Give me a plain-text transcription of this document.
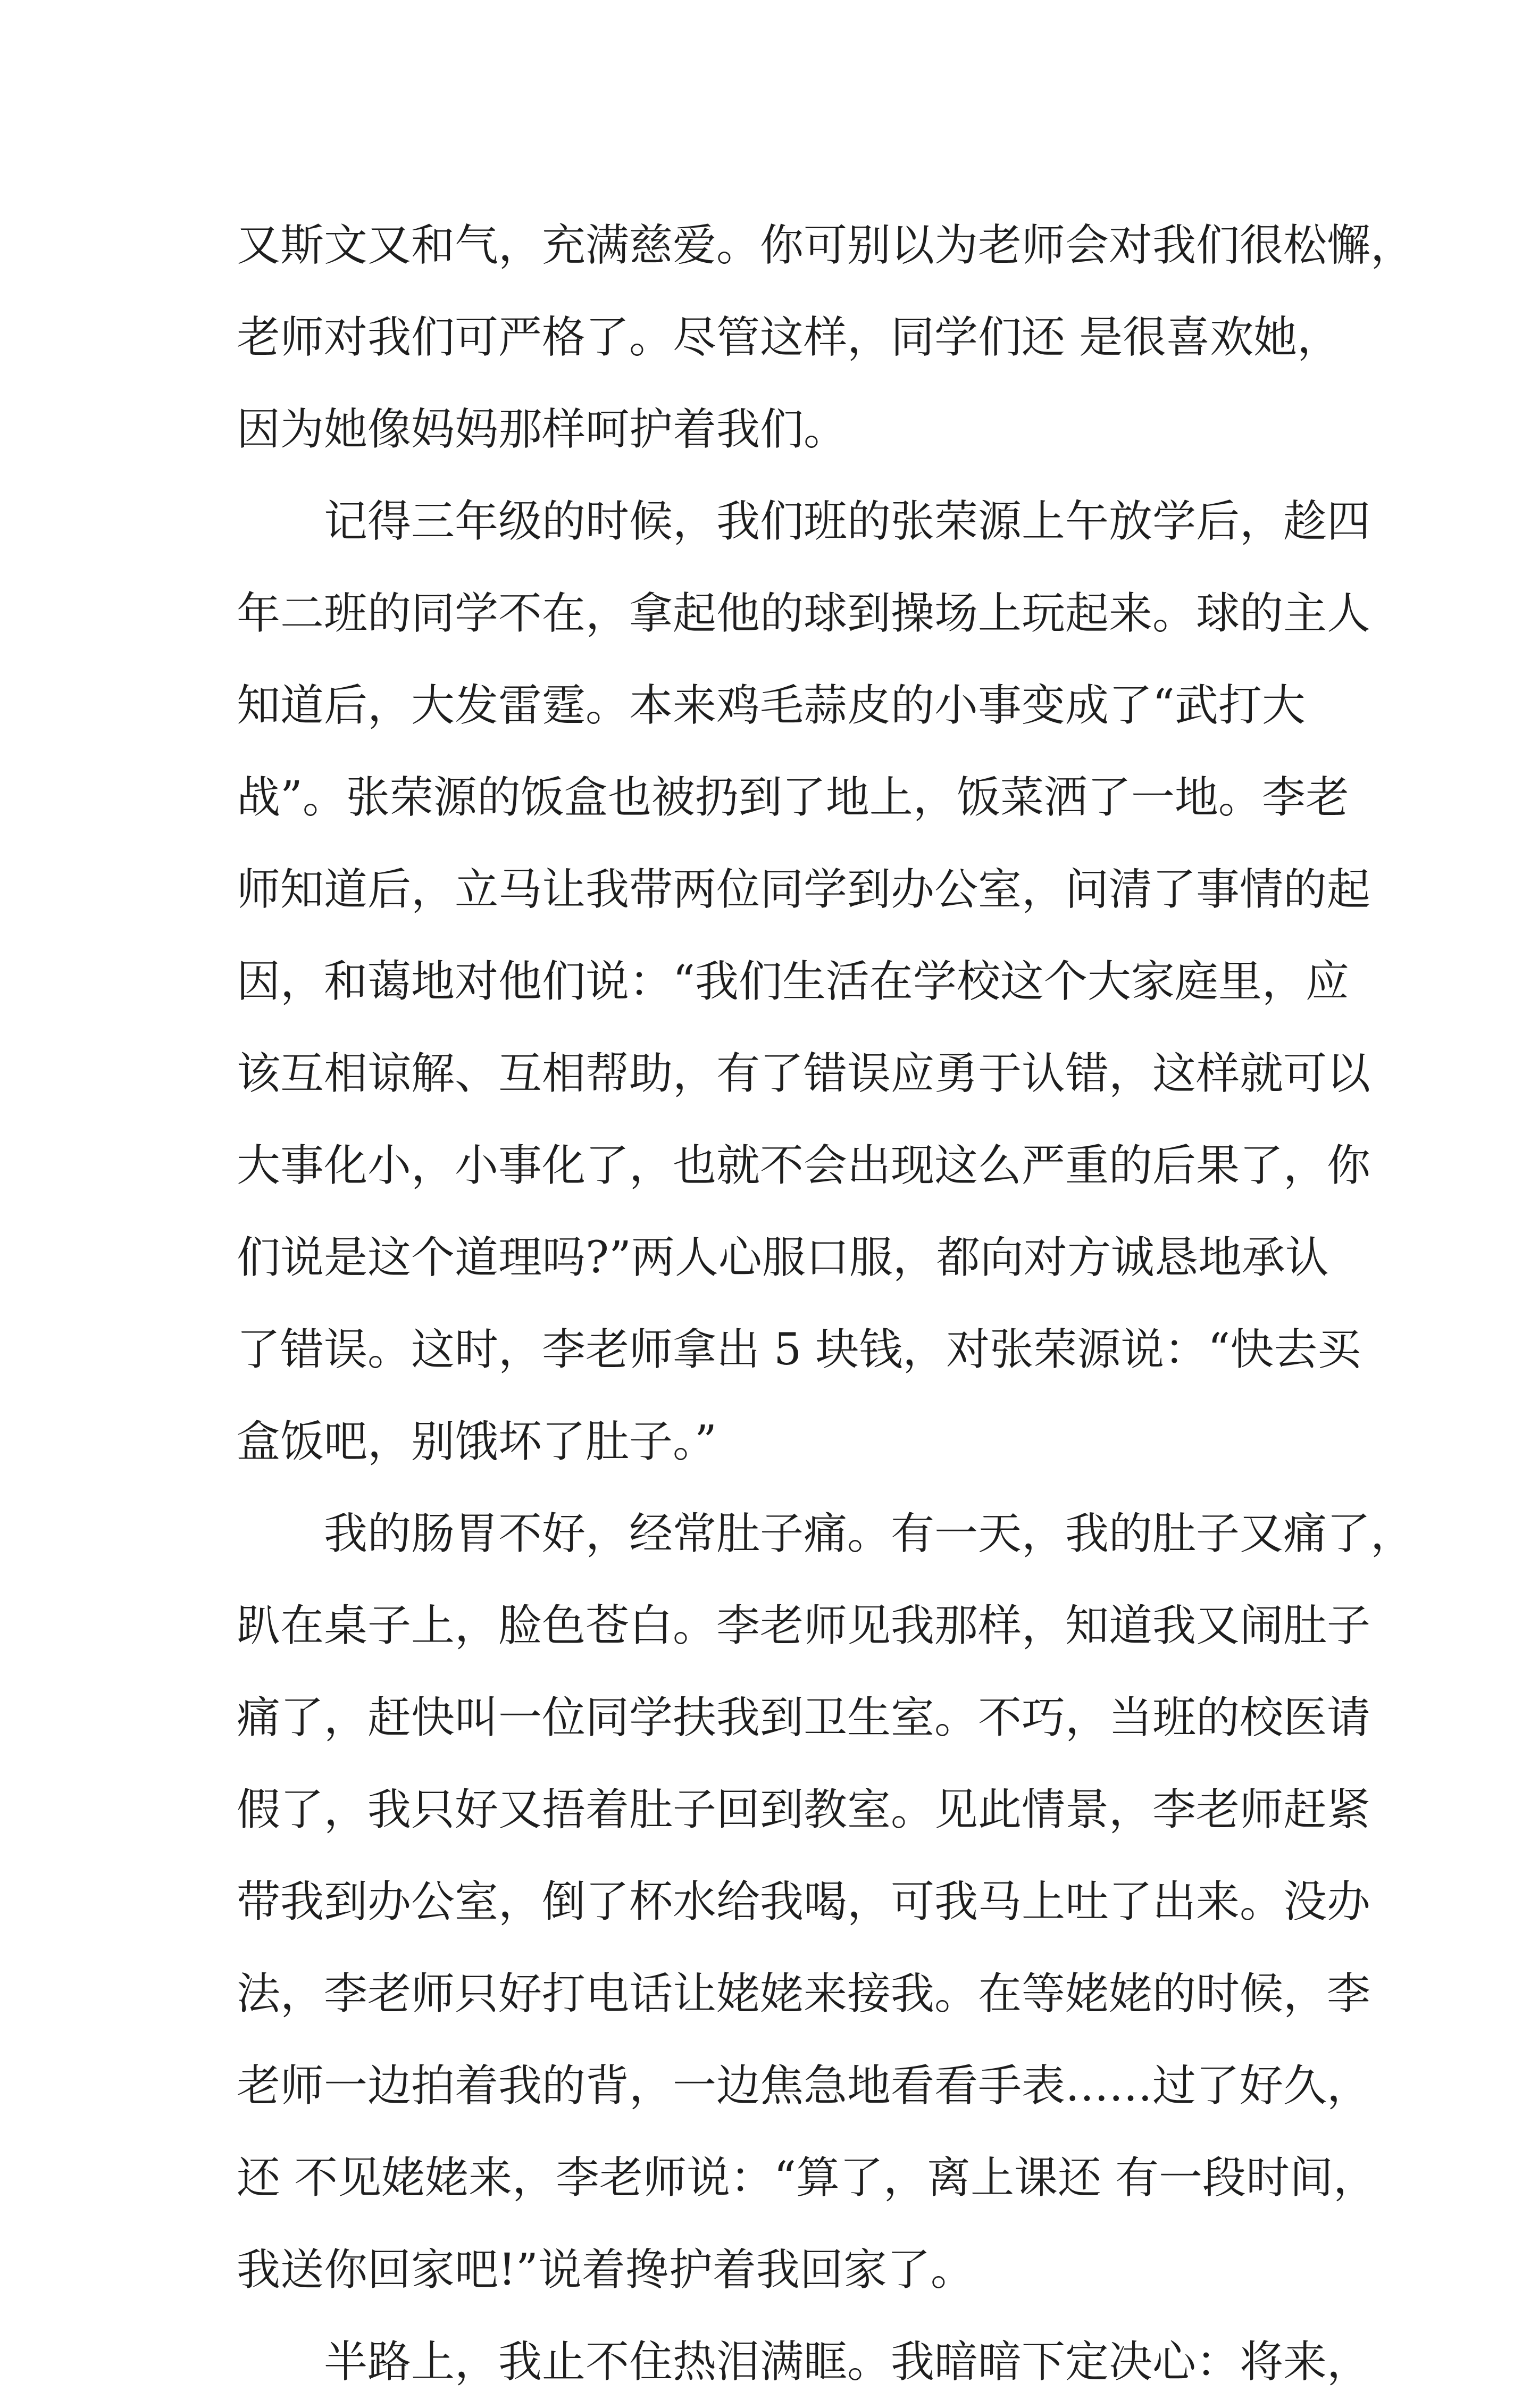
又斯文又和气，充满慈爱。你可别以为老师会对我们很松懈，
老师对我们可严格了。尽管这样，同学们还 是很喜欢她，
因为她像妈妈那样呵护着我们。
记得三年级的时候，我们班的张荣源上午放学后，趁四
年二班的同学不在，拿起他的球到操场上玩起来。球的主人
知道后，大发雷霆。本来鸡毛蒜皮的小事变成了“武打大
战”。张荣源的饭盒也被扔到了地上，饭菜洒了一地。李老
师知道后，立马让我带两位同学到办公室，问清了事情的起
因，和蔼地对他们说：“我们生活在学校这个大家庭里，应
该互相谅解、互相帮助，有了错误应勇于认错，这样就可以
大事化小，小事化了，也就不会出现这么严重的后果了，你
们说是这个道理吗?”两人心服口服，都向对方诚恳地承认
了错误。这时，李老师拿出 5 块钱，对张荣源说：“快去买
盒饭吧，别饿坏了肚子。”
我的肠胃不好，经常肚子痛。有一天，我的肚子又痛了，
趴在桌子上，脸色苍白。李老师见我那样，知道我又闹肚子
痛了，赶快叫一位同学扶我到卫生室。不巧，当班的校医请
假了，我只好又捂着肚子回到教室。见此情景，李老师赶紧
带我到办公室，倒了杯水给我喝，可我马上吐了出来。没办
法，李老师只好打电话让姥姥来接我。在等姥姥的时候，李
老师一边拍着我的背，一边焦急地看看手表……过了好久，
还 不见姥姥来，李老师说：“算了，离上课还 有一段时间，
我送你回家吧!”说着搀护着我回家了。
半路上，我止不住热泪满眶。我暗暗下定决心：将来，
